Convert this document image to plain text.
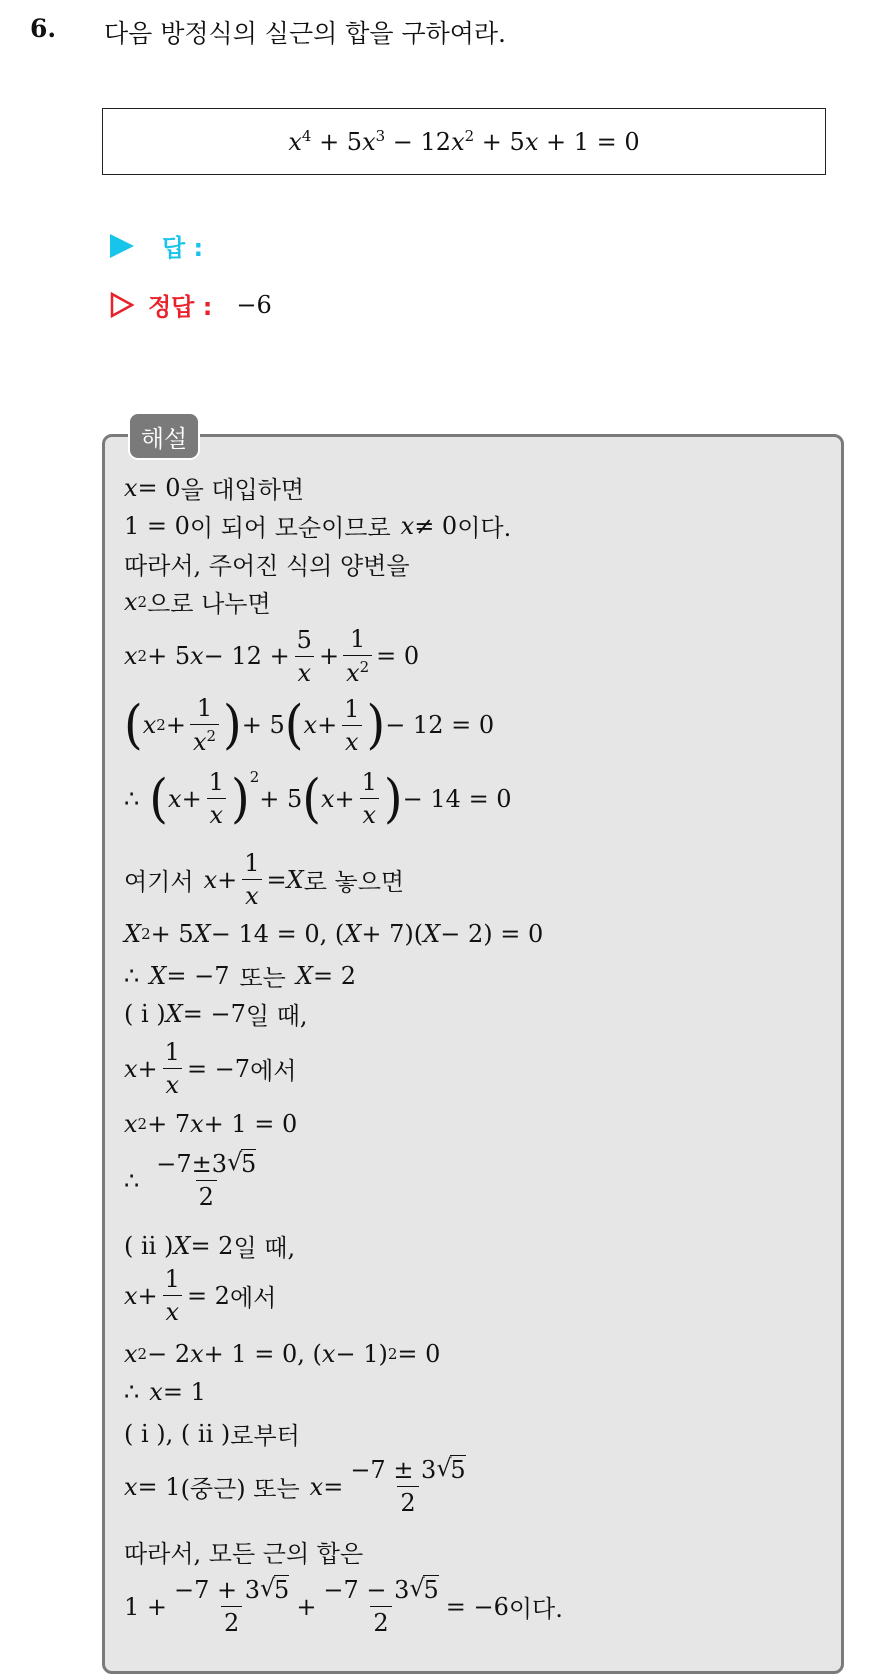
6. 다음 방정식의 실근의 합을 구하여라.
$x^4 + 5x^3 - 12x^2 + 5x + 1 = 0$
답 :
정답 : −6
해설
x = 0 을 대입하면
1 = 0 이 되어 모순이므로 x ≠ 0 이다.
따라서, 주어진 식의 양변을
x 2 으로 나누면
x 2 + 5 $x - 12 + \frac{5}{x} + \frac{1}{x^2} = 0$
( x $2 + \frac{1}{x^2}$ ) + 5 ( $x + \frac{1}{x}$ ) − 12 = 0
∴ ( $x + \frac{1}{x} )^2$
+ 5 ( $x + \frac{1}{x}$ ) − 14 = 0
여기서 $x + \frac{1}{x} = X$ 로 놓으면
X 2 + 5 X − 14 = 0, ( X + 7)( X − 2) = 0
∴ X = −7 또는 X = 2
( i ) X = −7 일 때,
$x + \frac{1}{x} = -7$ 에서
x 2 + 7 x + 1 = 0
∴ $\frac{-7\pm 3 √ 5}{2}$
( ii ) X = 2 일 때,
$x + \frac{1}{x} = 2$ 에서
x 2 − 2 x + 1 = 0, ( x − 1) 2 = 0
∴ x = 1
( i ), ( ii ) 로부터
x = 1 (중근) 또는 $x = \frac{-7 \pm 3 √ 5}{2}$
따라서, 모든 근의 합은
$1 + \frac{-7 + 3 √ 5}{2} + \frac{-7 - 3 √ 5}{2} = -6$ 이다.
